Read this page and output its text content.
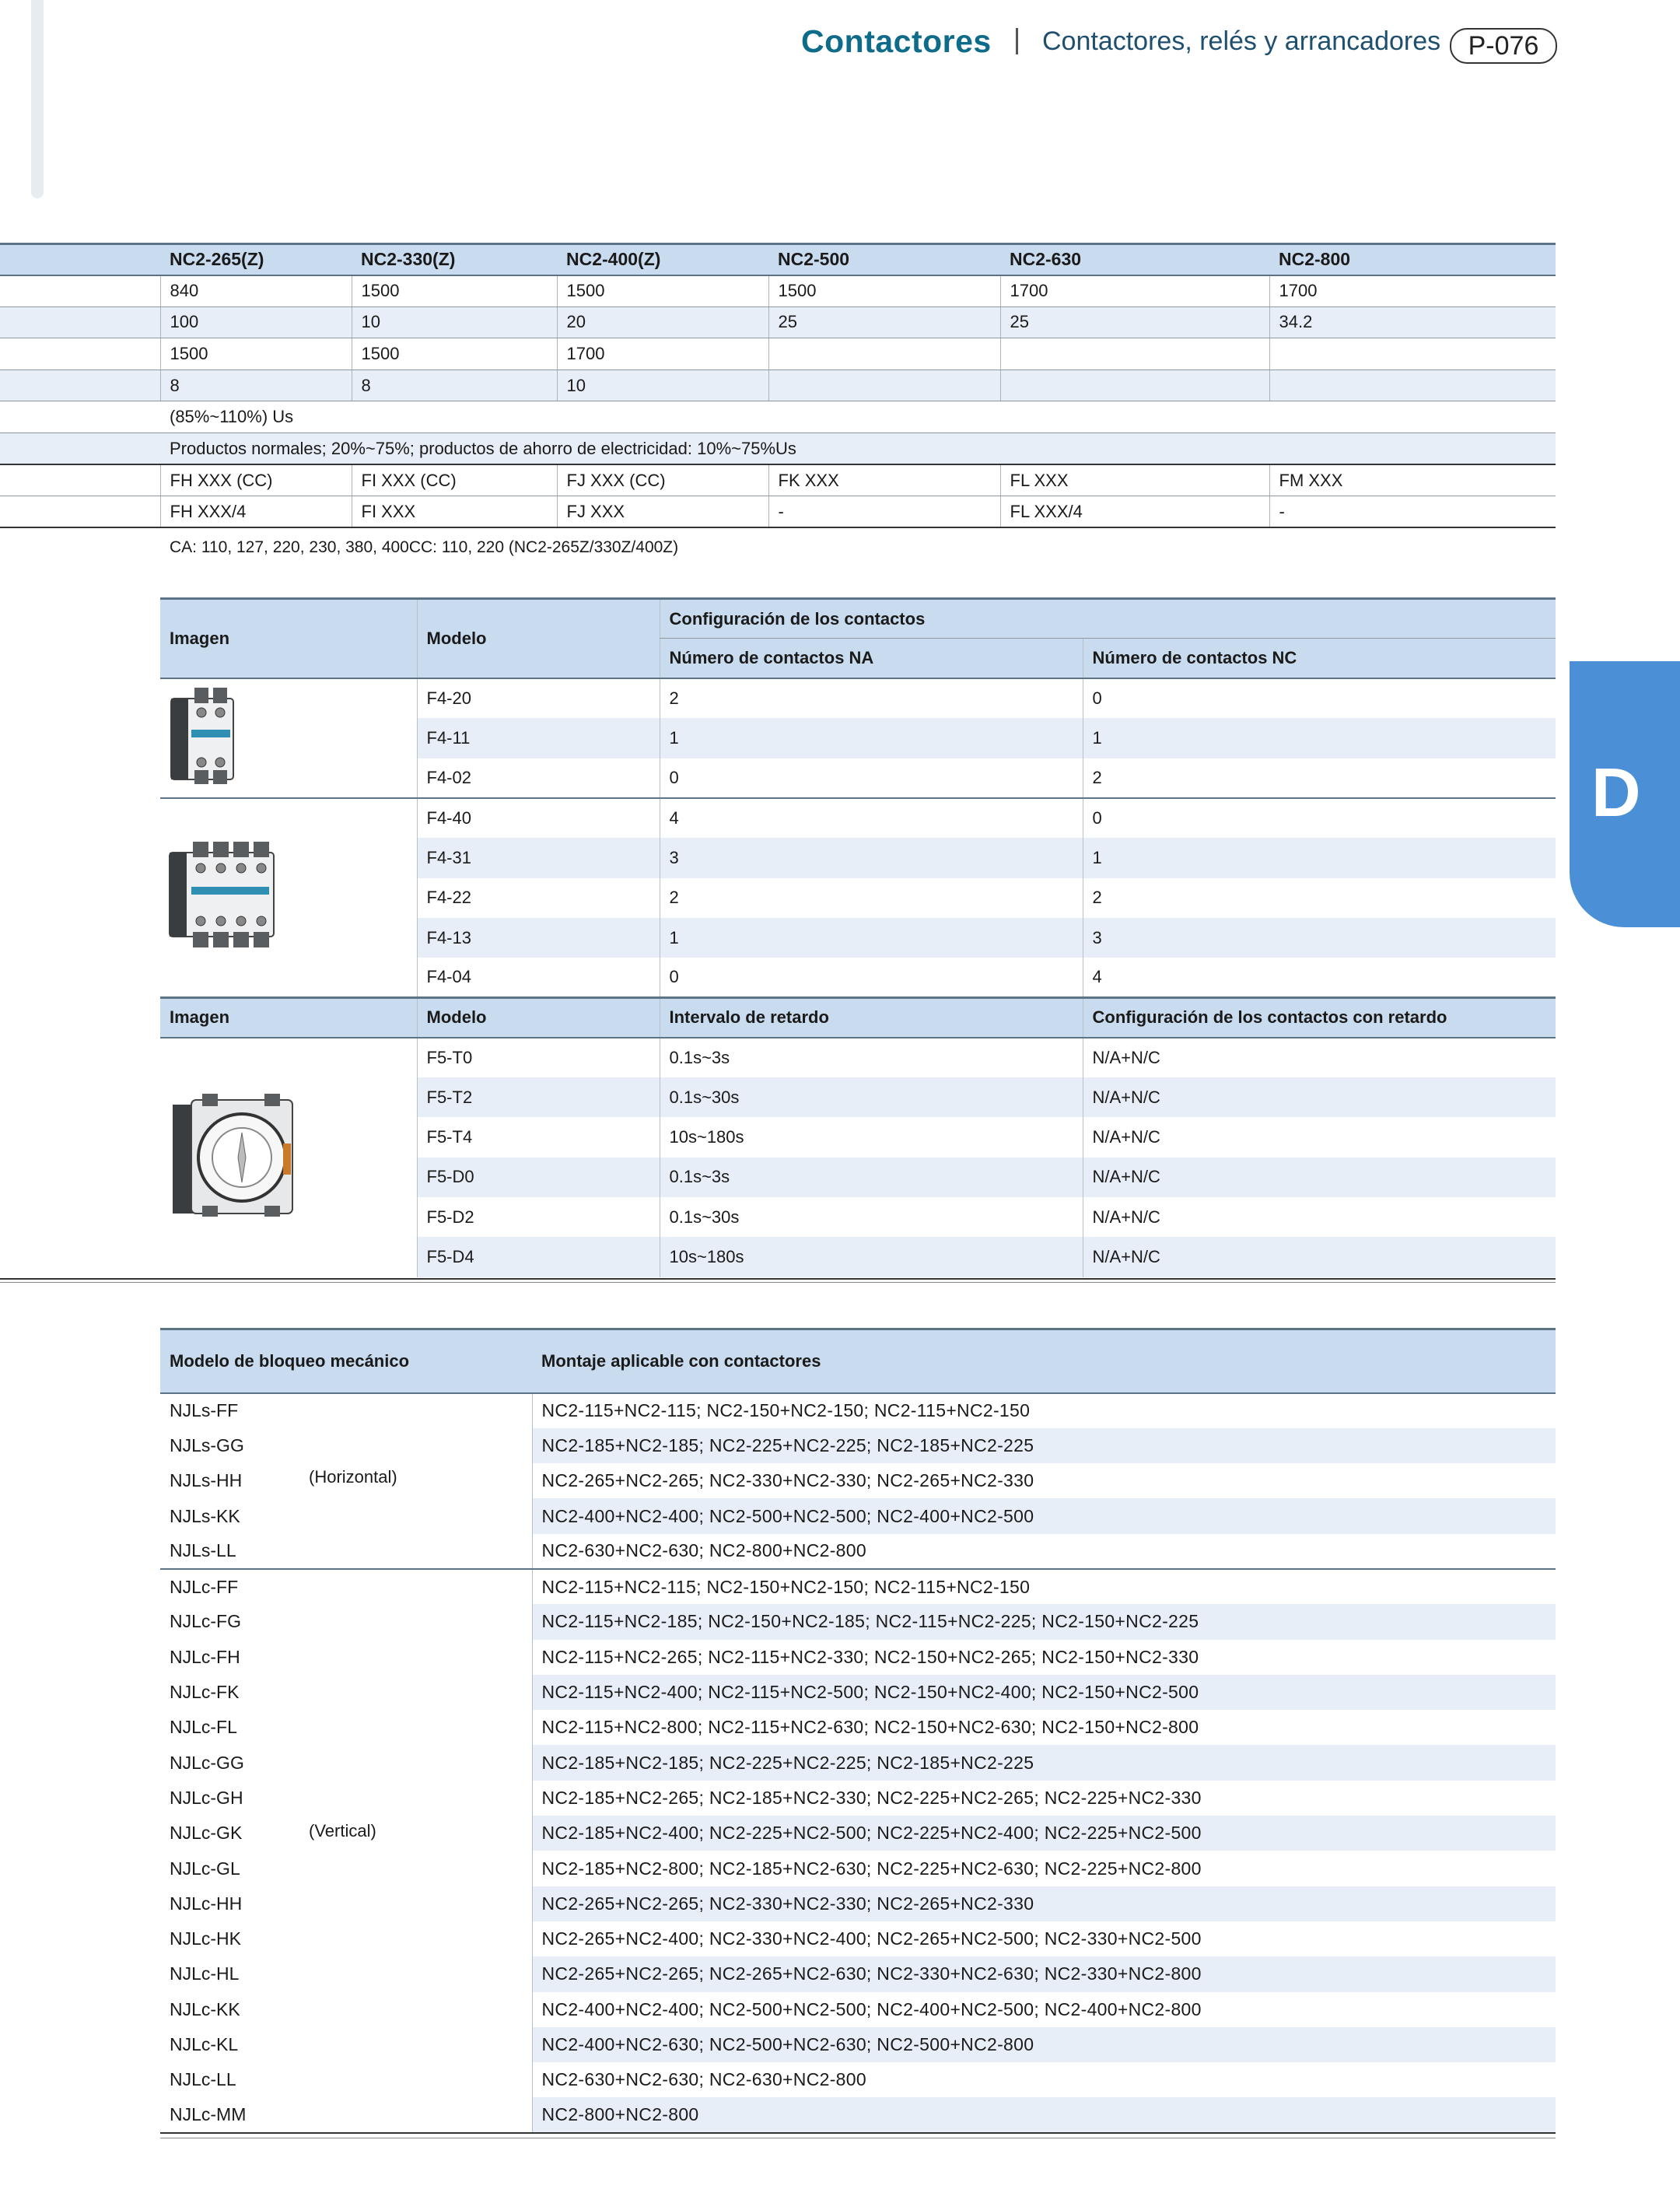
Contactores Contactores, relés y arrancadores	P-076
D
	NC2-265(Z)	NC2-330(Z)	NC2-400(Z)	NC2-500	NC2-630	NC2-800
	840	1500	1500	1500	1700	1700
	100	10	20	25	25	34.2
	1500	1500	1700			
	8	8	10			
	(85%~110%) Us					
	Productos normales; 20%~75%; productos de ahorro de electricidad: 10%~75%Us					
	FH XXX (CC)	FI XXX (CC)	FJ XXX (CC)	FK XXX	FL XXX	FM XXX
	FH XXX/4	FI XXX	FJ XXX	-	FL XXX/4	-
CA: 110, 127, 220, 230, 380, 400CC: 110, 220 (NC2-265Z/330Z/400Z)
Imagen	Modelo	Configuración de los contactos	
		Número de contactos NA	Número de contactos NC
	F4-20	2	0
	F4-11	1	1
	F4-02	0	2
	F4-40	4	0
	F4-31	3	1
	F4-22	2	2
	F4-13	1	3
	F4-04	0	4
Imagen	Modelo	Intervalo de retardo	Configuración de los contactos con retardo
	F5-T0	0.1s~3s	N/A+N/C
	F5-T2	0.1s~30s	N/A+N/C
	F5-T4	10s~180s	N/A+N/C
	F5-D0	0.1s~3s	N/A+N/C
	F5-D2	0.1s~30s	N/A+N/C
	F5-D4	10s~180s	N/A+N/C
Modelo de bloqueo mecánico	Montaje aplicable con contactores
NJLs-FF	NC2-115+NC2-115; NC2-150+NC2-150; NC2-115+NC2-150
NJLs-GG	NC2-185+NC2-185; NC2-225+NC2-225; NC2-185+NC2-225
NJLs-HH	NC2-265+NC2-265; NC2-330+NC2-330; NC2-265+NC2-330
NJLs-KK	NC2-400+NC2-400; NC2-500+NC2-500; NC2-400+NC2-500
NJLs-LL	NC2-630+NC2-630; NC2-800+NC2-800
NJLc-FF	NC2-115+NC2-115; NC2-150+NC2-150; NC2-115+NC2-150
NJLc-FG	NC2-115+NC2-185; NC2-150+NC2-185; NC2-115+NC2-225; NC2-150+NC2-225
NJLc-FH	NC2-115+NC2-265; NC2-115+NC2-330; NC2-150+NC2-265; NC2-150+NC2-330
NJLc-FK	NC2-115+NC2-400; NC2-115+NC2-500; NC2-150+NC2-400; NC2-150+NC2-500
NJLc-FL	NC2-115+NC2-800; NC2-115+NC2-630; NC2-150+NC2-630; NC2-150+NC2-800
NJLc-GG	NC2-185+NC2-185; NC2-225+NC2-225; NC2-185+NC2-225
NJLc-GH	NC2-185+NC2-265; NC2-185+NC2-330; NC2-225+NC2-265; NC2-225+NC2-330
NJLc-GK	NC2-185+NC2-400; NC2-225+NC2-500; NC2-225+NC2-400; NC2-225+NC2-500
NJLc-GL	NC2-185+NC2-800; NC2-185+NC2-630; NC2-225+NC2-630; NC2-225+NC2-800
NJLc-HH	NC2-265+NC2-265; NC2-330+NC2-330; NC2-265+NC2-330
NJLc-HK	NC2-265+NC2-400; NC2-330+NC2-400; NC2-265+NC2-500; NC2-330+NC2-500
NJLc-HL	NC2-265+NC2-265; NC2-265+NC2-630; NC2-330+NC2-630; NC2-330+NC2-800
NJLc-KK	NC2-400+NC2-400; NC2-500+NC2-500; NC2-400+NC2-500; NC2-400+NC2-800
NJLc-KL	NC2-400+NC2-630; NC2-500+NC2-630; NC2-500+NC2-800
NJLc-LL	NC2-630+NC2-630; NC2-630+NC2-800
NJLc-MM	NC2-800+NC2-800
(Horizontal)
(Vertical)
